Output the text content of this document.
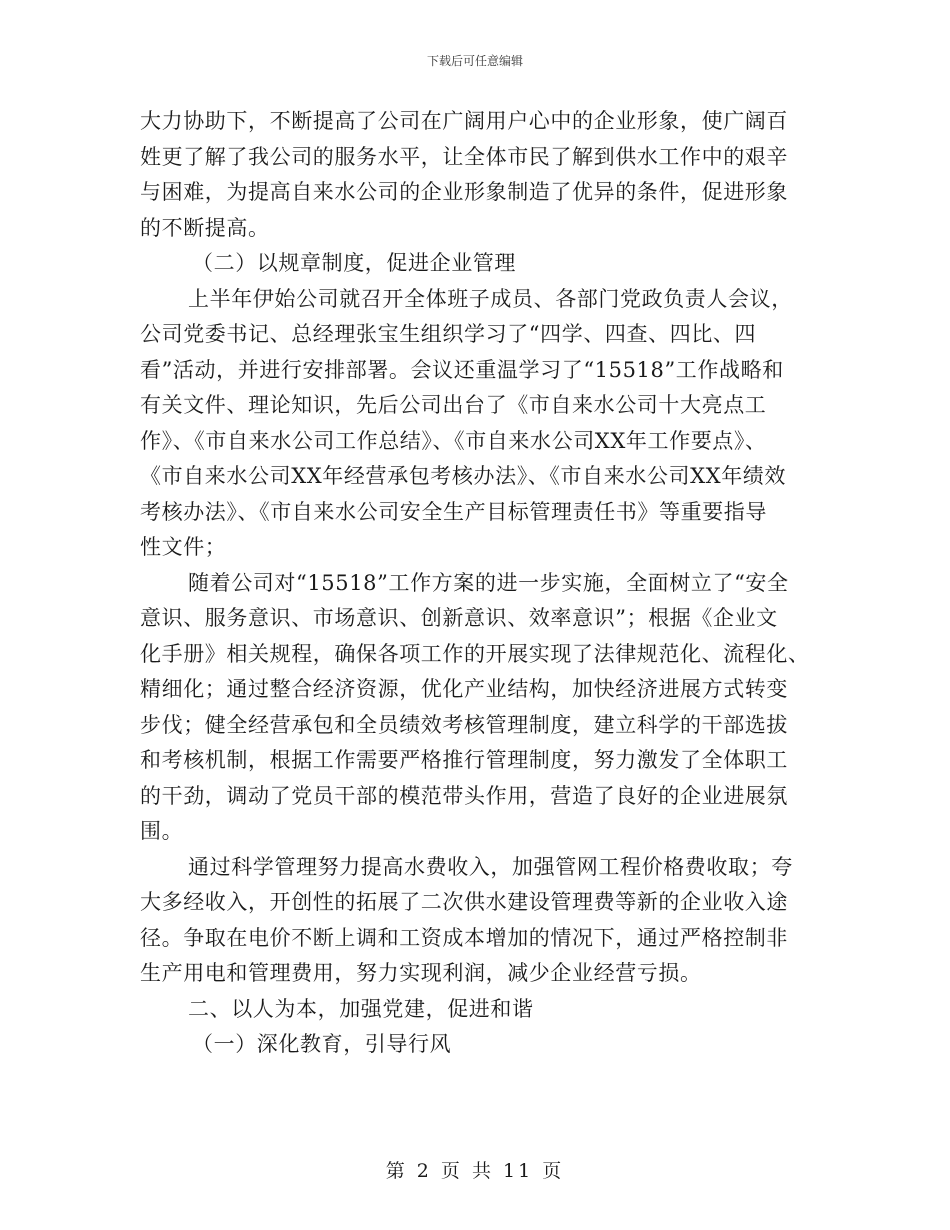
下载后可任意编辑
大力协助下，不断提高了公司在广阔用户心中的企业形象，使广阔百
姓更了解了我公司的服务水平，让全体市民了解到供水工作中的艰辛
与困难，为提高自来水公司的企业形象制造了优异的条件，促进形象
的不断提高。
（二）以规章制度，促进企业管理
上半年伊始公司就召开全体班子成员、各部门党政负责人会议，
公司党委书记、总经理张宝生组织学习了“四学、四查、四比、四
看”活动，并进行安排部署。会议还重温学习了“15518”工作战略和
有关文件、理论知识，先后公司出台了《市自来水公司十大亮点工
作》、《市自来水公司工作总结》、《市自来水公司XX年工作要点》、
《市自来水公司XX年经营承包考核办法》、《市自来水公司XX年绩效
考核办法》、《市自来水公司安全生产目标管理责任书》等重要指导
性文件；
随着公司对“15518”工作方案的进一步实施，全面树立了“安全
意识、服务意识、市场意识、创新意识、效率意识”；根据《企业文
化手册》相关规程，确保各项工作的开展实现了法律规范化、流程化、
精细化；通过整合经济资源，优化产业结构，加快经济进展方式转变
步伐；健全经营承包和全员绩效考核管理制度，建立科学的干部选拔
和考核机制，根据工作需要严格推行管理制度，努力激发了全体职工
的干劲，调动了党员干部的模范带头作用，营造了良好的企业进展氛
围。
通过科学管理努力提高水费收入，加强管网工程价格费收取；夸
大多经收入，开创性的拓展了二次供水建设管理费等新的企业收入途
径。争取在电价不断上调和工资成本增加的情况下，通过严格控制非
生产用电和管理费用，努力实现利润，减少企业经营亏损。
二、以人为本，加强党建，促进和谐
（一）深化教育，引导行风
第 2 页 共 11 页
